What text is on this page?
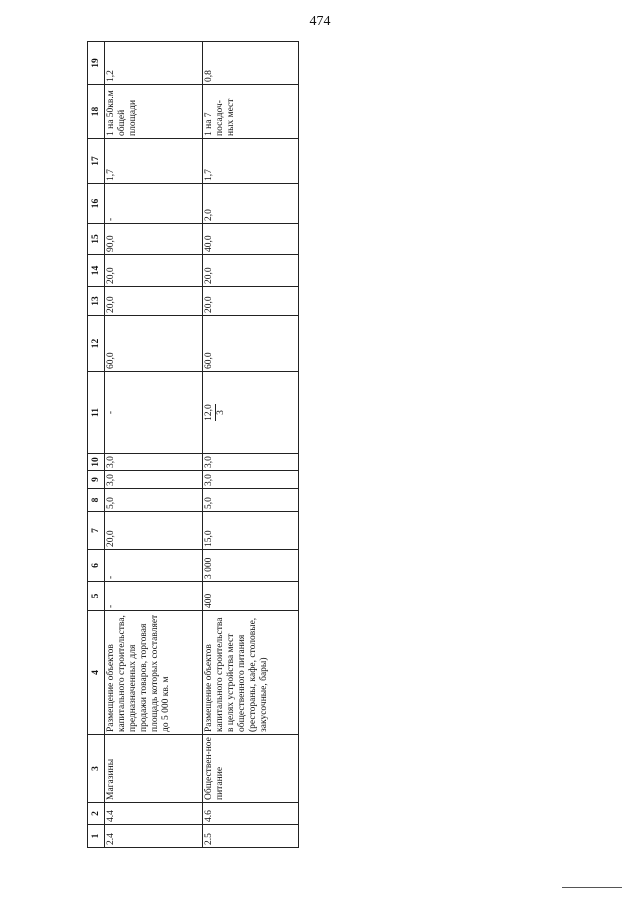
474
1	2	3	4	5	6	7	8	9	10	11	12	13	14	15	16	17	18	19
2.4	4.4	Магазины	Размещение объектов капитального строительства, предназначенных для продажи товаров, торговая площадь которых составляет до 5 000 кв. м	-	-	20,0	5,0	3,0	3,0	-	60,0	20,0	20,0	90,0	-	1,7	1 на 50кв.м общей площади	1,2
2.5	4.6	Обществен-ное питание	Размещение объектов капитального строительства в целях устройства мест общественного питания (рестораны, кафе, столовые, закусочные, бары)	400	3 000	15,0	5,0	3,0	3,0	12,0 3	60,0	20,0	20,0	40,0	2,0	1,7	1 на 7 посадоч-ных мест	0,8
